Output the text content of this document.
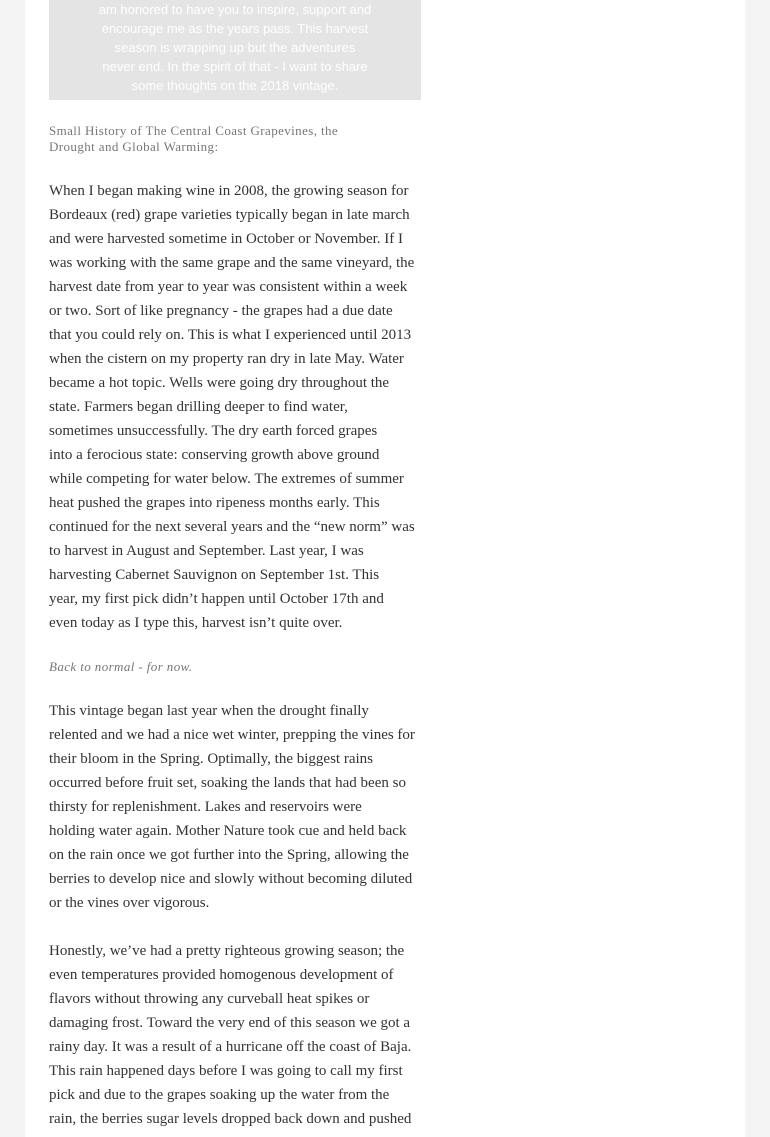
am honored to have you to inspire, support and
encourage me as the years pass. This harvest
season is wrapping up but the adventures
never end. In the spirit of that - I want to share
some thoughts on the 2018 vintage.
Small History of The Central Coast Grapevines, the
Drought and Global Warming:
When I began making wine in 2008, the growing season for
Bordeaux (red) grape varieties typically began in late march
and were harvested sometime in October or November. If I
was working with the same grape and the same vineyard, the
harvest date from year to year was consistent within a week
or two. Sort of like pregnancy - the grapes had a due date
that you could rely on. This is what I experienced until 2013
when the cistern on my property ran dry in late May. Water
became a hot topic. Wells were going dry throughout the
state. Farmers began drilling deeper to find water,
sometimes unsuccessfully. The dry earth forced grapes
into a ferocious state: conserving growth above ground
while competing for water below. The extremes of summer
heat pushed the grapes into ripeness months early. This
continued for the next several years and the “new norm” was
to harvest in August and September. Last year, I was
harvesting Cabernet Sauvignon on September 1st. This
year, my first pick didn’t happen until October 17th and
even today as I type this, harvest isn’t quite over.
Back to normal - for now.
This vintage began last year when the drought finally
relented and we had a nice wet winter, prepping the vines for
their bloom in the Spring. Optimally, the biggest rains
occurred before fruit set, soaking the lands that had been so
thirsty for replenishment. Lakes and reservoirs were
holding water again. Mother Nature took cue and held back
on the rain once we got further into the Spring, allowing the
berries to develop nice and slowly without becoming diluted
or the vines over vigorous.
Honestly, we’ve had a pretty righteous growing season; the
even temperatures provided homogenous development of
flavors without throwing any curveball heat spikes or
damaging frost. Toward the very end of this season we got a
rainy day. It was a result of a hurricane off the coast of Baja.
This rain happened days before I was going to call my first
pick and due to the grapes soaking up the water from the
rain, the berries sugar levels dropped back down and pushed
